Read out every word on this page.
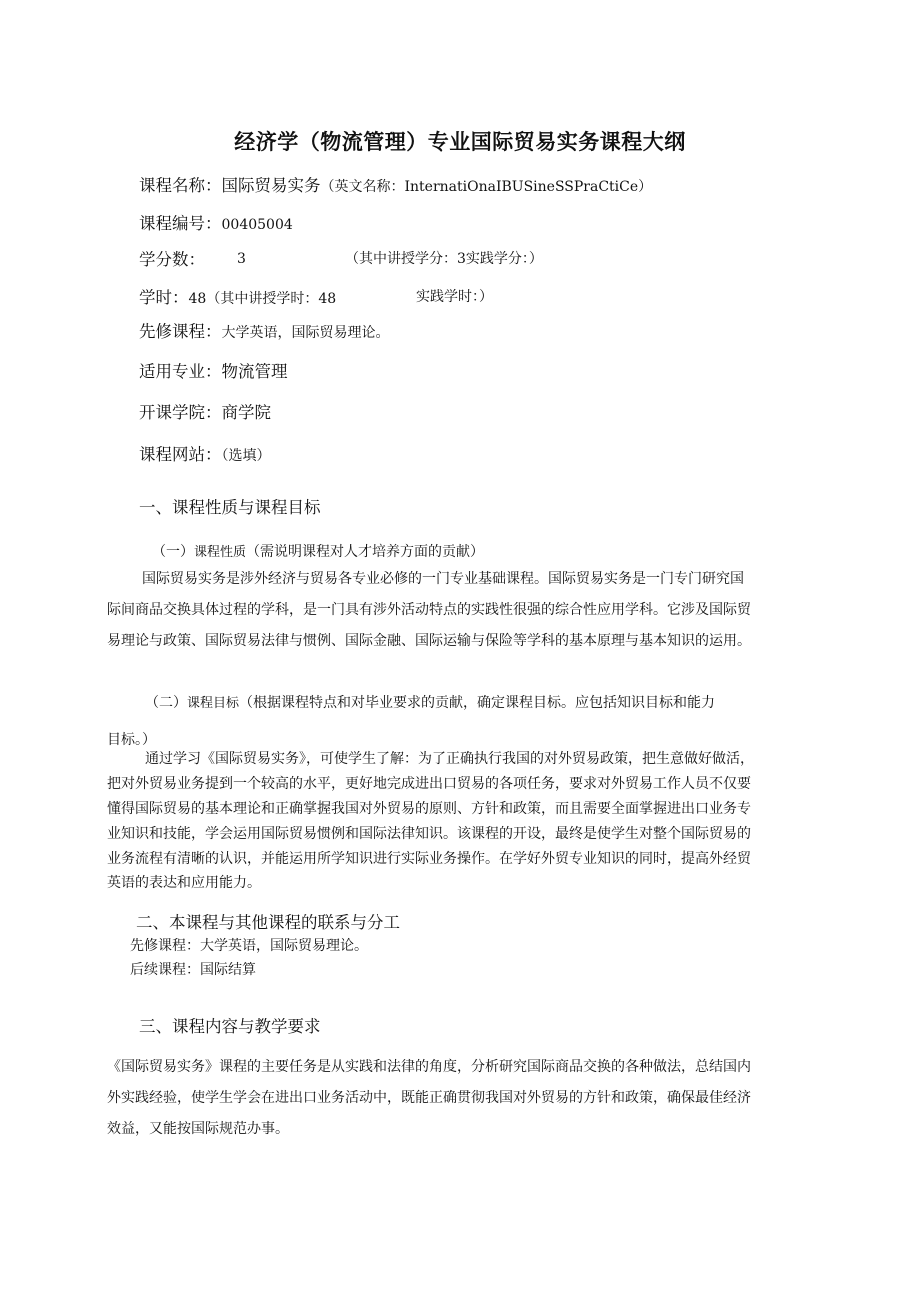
经济学（物流管理）专业国际贸易实务课程大纲
课程名称：国际贸易实务（英文名称：InternatiOnaIBUSineSSPraCtiCe）
课程编号：00405004
学分数： 3	（其中讲授学分：3实践学分：）
学时：48（其中讲授学时：48	实践学时：）
先修课程：大学英语，国际贸易理论。
适用专业：物流管理
开课学院：商学院
课程网站：（选填）
一、课程性质与课程目标
（一）课程性质（需说明课程对人才培养方面的贡献）
国际贸易实务是涉外经济与贸易各专业必修的一门专业基础课程。国际贸易实务是一门专门研究国
际间商品交换具体过程的学科，是一门具有涉外活动特点的实践性很强的综合性应用学科。它涉及国际贸
易理论与政策、国际贸易法律与惯例、国际金融、国际运输与保险等学科的基本原理与基本知识的运用。
（二）课程目标（根据课程特点和对毕业要求的贡献，确定课程目标。应包括知识目标和能力
目标。）
通过学习《国际贸易实务》，可使学生了解：为了正确执行我国的对外贸易政策，把生意做好做活，
把对外贸易业务提到一个较高的水平，更好地完成进出口贸易的各项任务，要求对外贸易工作人员不仅要
懂得国际贸易的基本理论和正确掌握我国对外贸易的原则、方针和政策，而且需要全面掌握进出口业务专
业知识和技能，学会运用国际贸易惯例和国际法律知识。该课程的开设，最终是使学生对整个国际贸易的
业务流程有清晰的认识，并能运用所学知识进行实际业务操作。在学好外贸专业知识的同时，提高外经贸
英语的表达和应用能力。
二、本课程与其他课程的联系与分工
先修课程：大学英语，国际贸易理论。
后续课程：国际结算
三、课程内容与教学要求
《国际贸易实务》课程的主要任务是从实践和法律的角度，分析研究国际商品交换的各种做法，总结国内
外实践经验，使学生学会在进出口业务活动中，既能正确贯彻我国对外贸易的方针和政策，确保最佳经济
效益，又能按国际规范办事。
